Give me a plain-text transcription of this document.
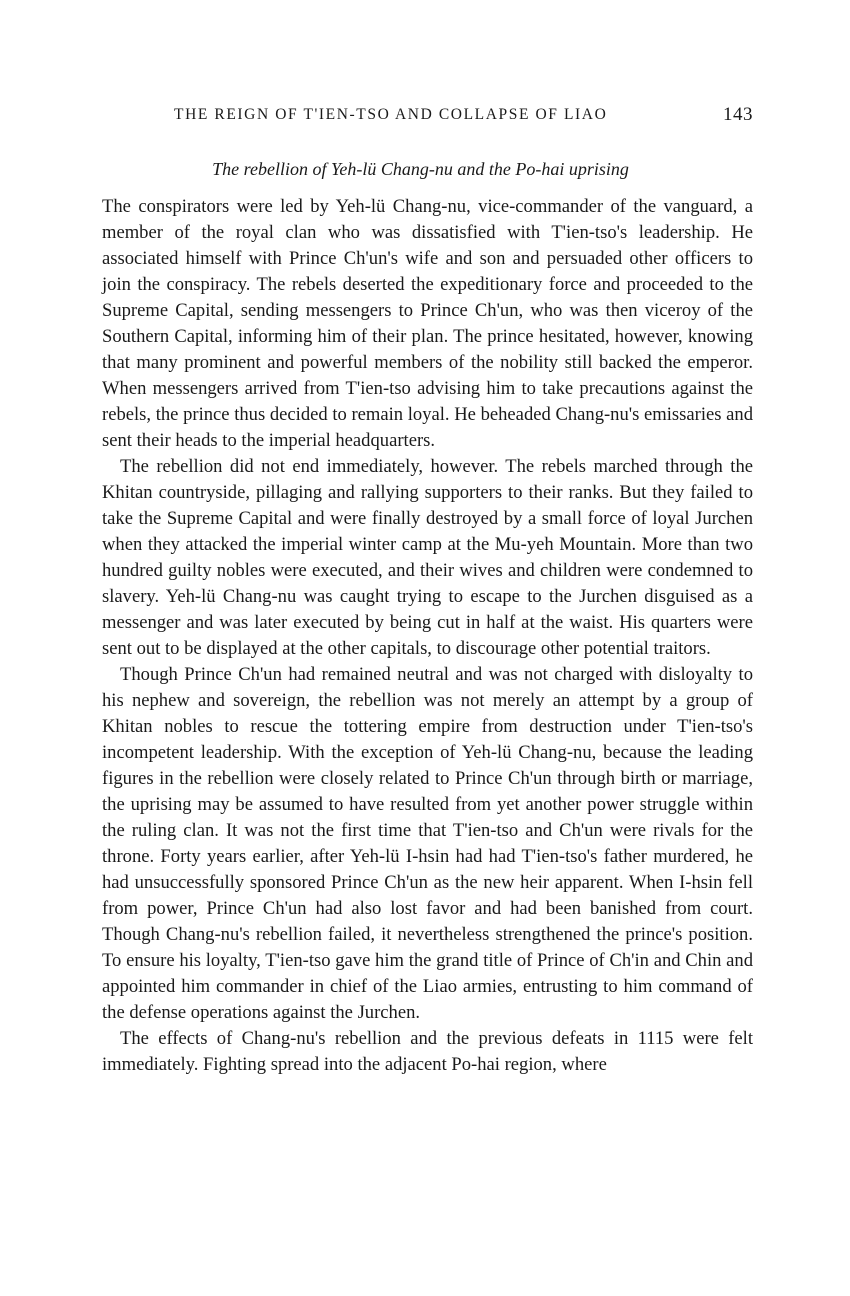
THE REIGN OF T'IEN-TSO AND COLLAPSE OF LIAO	143
The rebellion of Yeh-lü Chang-nu and the Po-hai uprising

The conspirators were led by Yeh-lü Chang-nu, vice-commander of the vanguard, a member of the royal clan who was dissatisfied with T'ien-tso's leadership. He associated himself with Prince Ch'un's wife and son and persuaded other officers to join the conspiracy. The rebels deserted the expeditionary force and proceeded to the Supreme Capital, sending messengers to Prince Ch'un, who was then viceroy of the Southern Capital, informing him of their plan. The prince hesitated, however, knowing that many prominent and powerful members of the nobility still backed the emperor. When messengers arrived from T'ien-tso advising him to take precautions against the rebels, the prince thus decided to remain loyal. He beheaded Chang-nu's emissaries and sent their heads to the imperial headquarters.

The rebellion did not end immediately, however. The rebels marched through the Khitan countryside, pillaging and rallying supporters to their ranks. But they failed to take the Supreme Capital and were finally destroyed by a small force of loyal Jurchen when they attacked the imperial winter camp at the Mu-yeh Mountain. More than two hundred guilty nobles were executed, and their wives and children were condemned to slavery. Yeh-lü Chang-nu was caught trying to escape to the Jurchen disguised as a messenger and was later executed by being cut in half at the waist. His quarters were sent out to be displayed at the other capitals, to discourage other potential traitors.

Though Prince Ch'un had remained neutral and was not charged with disloyalty to his nephew and sovereign, the rebellion was not merely an attempt by a group of Khitan nobles to rescue the tottering empire from destruction under T'ien-tso's incompetent leadership. With the exception of Yeh-lü Chang-nu, because the leading figures in the rebellion were closely related to Prince Ch'un through birth or marriage, the uprising may be assumed to have resulted from yet another power struggle within the ruling clan. It was not the first time that T'ien-tso and Ch'un were rivals for the throne. Forty years earlier, after Yeh-lü I-hsin had had T'ien-tso's father murdered, he had unsuccessfully sponsored Prince Ch'un as the new heir apparent. When I-hsin fell from power, Prince Ch'un had also lost favor and had been banished from court. Though Chang-nu's rebellion failed, it nevertheless strengthened the prince's position. To ensure his loyalty, T'ien-tso gave him the grand title of Prince of Ch'in and Chin and appointed him commander in chief of the Liao armies, entrusting to him command of the defense operations against the Jurchen.

The effects of Chang-nu's rebellion and the previous defeats in 1115 were felt immediately. Fighting spread into the adjacent Po-hai region, where
